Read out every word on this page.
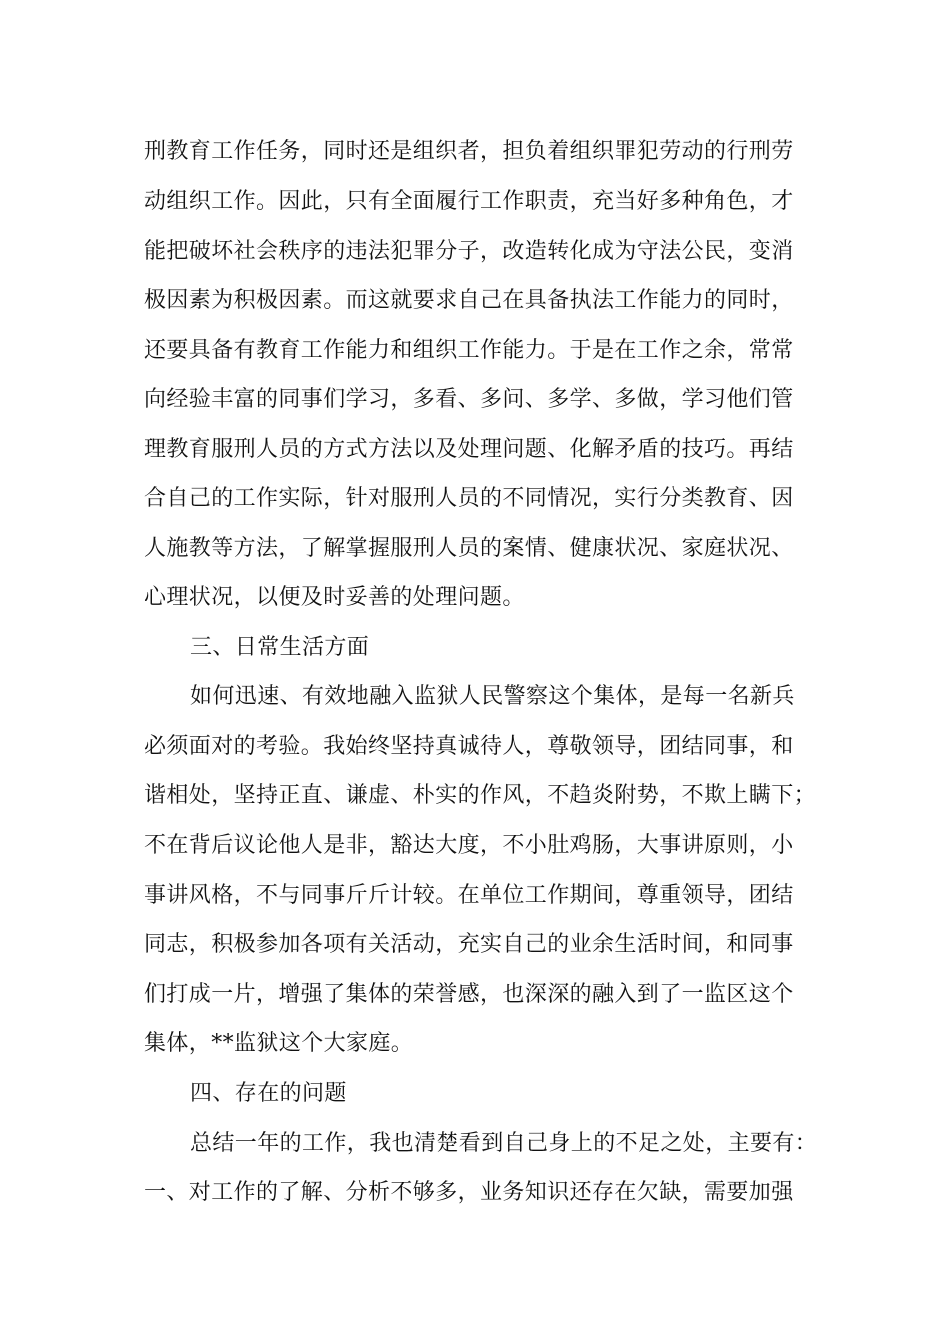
刑教育工作任务，同时还是组织者，担负着组织罪犯劳动的行刑劳
动组织工作。因此，只有全面履行工作职责，充当好多种角色，才
能把破坏社会秩序的违法犯罪分子，改造转化成为守法公民，变消
极因素为积极因素。而这就要求自己在具备执法工作能力的同时，
还要具备有教育工作能力和组织工作能力。于是在工作之余，常常
向经验丰富的同事们学习，多看、多问、多学、多做，学习他们管
理教育服刑人员的方式方法以及处理问题、化解矛盾的技巧。再结
合自己的工作实际，针对服刑人员的不同情况，实行分类教育、因
人施教等方法，了解掌握服刑人员的案情、健康状况、家庭状况、
心理状况，以便及时妥善的处理问题。
三、日常生活方面
如何迅速、有效地融入监狱人民警察这个集体，是每一名新兵
必须面对的考验。我始终坚持真诚待人，尊敬领导，团结同事，和
谐相处，坚持正直、谦虚、朴实的作风，不趋炎附势，不欺上瞒下；
不在背后议论他人是非，豁达大度，不小肚鸡肠，大事讲原则，小
事讲风格，不与同事斤斤计较。在单位工作期间，尊重领导，团结
同志，积极参加各项有关活动，充实自己的业余生活时间，和同事
们打成一片，增强了集体的荣誉感，也深深的融入到了一监区这个
集体，**监狱这个大家庭。
四、存在的问题
总结一年的工作，我也清楚看到自己身上的不足之处，主要有：
一、对工作的了解、分析不够多，业务知识还存在欠缺，需要加强
